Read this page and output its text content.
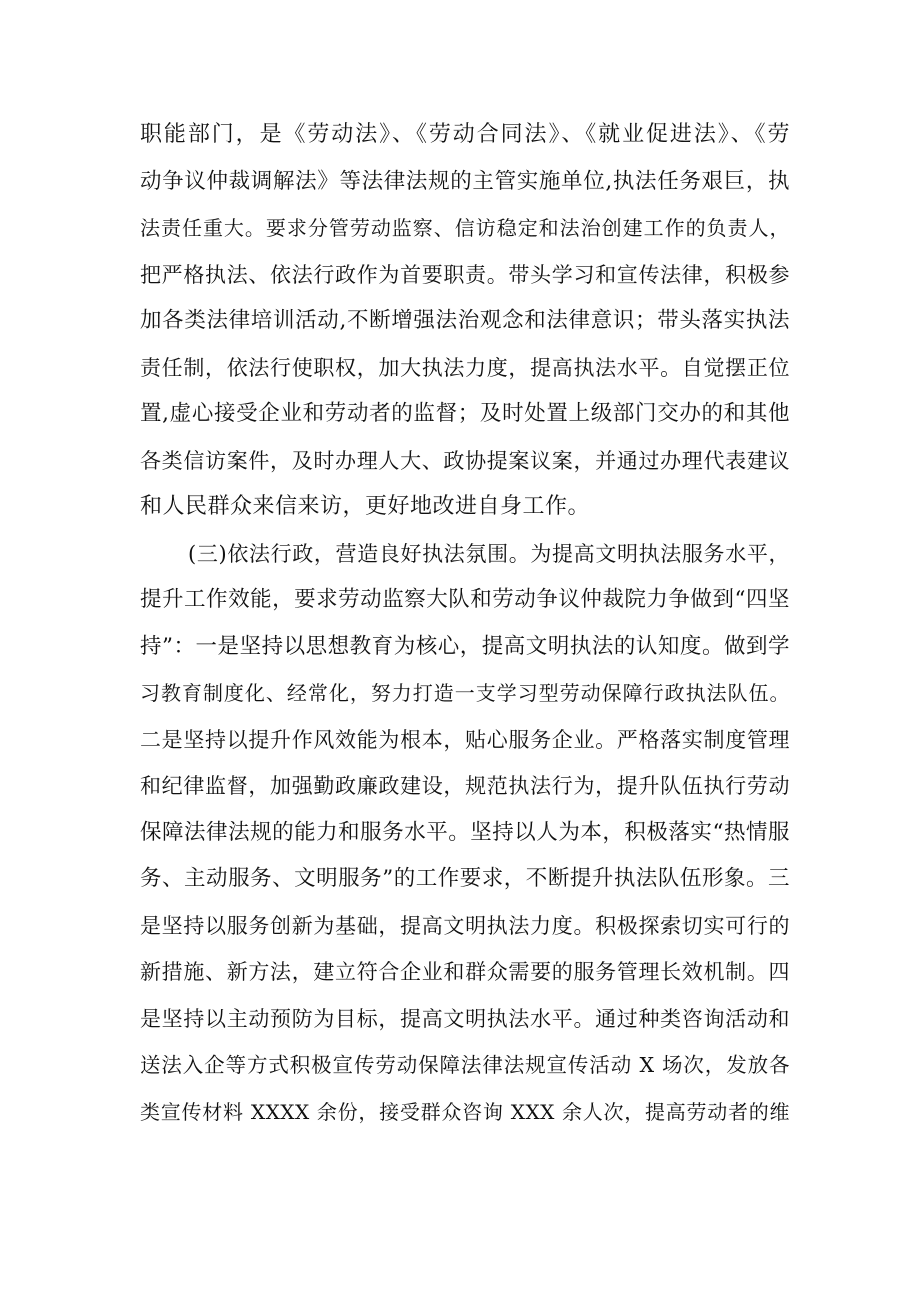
职能部门，是《劳动法》、《劳动合同法》、《就业促进法》、《劳
动争议仲裁调解法》等法律法规的主管实施单位,执法任务艰巨，执
法责任重大。要求分管劳动监察、信访稳定和法治创建工作的负责人，
把严格执法、依法行政作为首要职责。带头学习和宣传法律，积极参
加各类法律培训活动,不断增强法治观念和法律意识；带头落实执法
责任制，依法行使职权，加大执法力度，提高执法水平。自觉摆正位
置,虚心接受企业和劳动者的监督；及时处置上级部门交办的和其他
各类信访案件，及时办理人大、政协提案议案，并通过办理代表建议
和人民群众来信来访，更好地改进自身工作。
(三)依法行政，营造良好执法氛围。为提高文明执法服务水平，
提升工作效能，要求劳动监察大队和劳动争议仲裁院力争做到“四坚
持”：一是坚持以思想教育为核心，提高文明执法的认知度。做到学
习教育制度化、经常化，努力打造一支学习型劳动保障行政执法队伍。
二是坚持以提升作风效能为根本，贴心服务企业。严格落实制度管理
和纪律监督，加强勤政廉政建设，规范执法行为，提升队伍执行劳动
保障法律法规的能力和服务水平。坚持以人为本，积极落实“热情服
务、主动服务、文明服务”的工作要求，不断提升执法队伍形象。三
是坚持以服务创新为基础，提高文明执法力度。积极探索切实可行的
新措施、新方法，建立符合企业和群众需要的服务管理长效机制。四
是坚持以主动预防为目标，提高文明执法水平。通过种类咨询活动和
送法入企等方式积极宣传劳动保障法律法规宣传活动 X 场次，发放各
类宣传材料 XXXX 余份，接受群众咨询 XXX 余人次，提高劳动者的维
